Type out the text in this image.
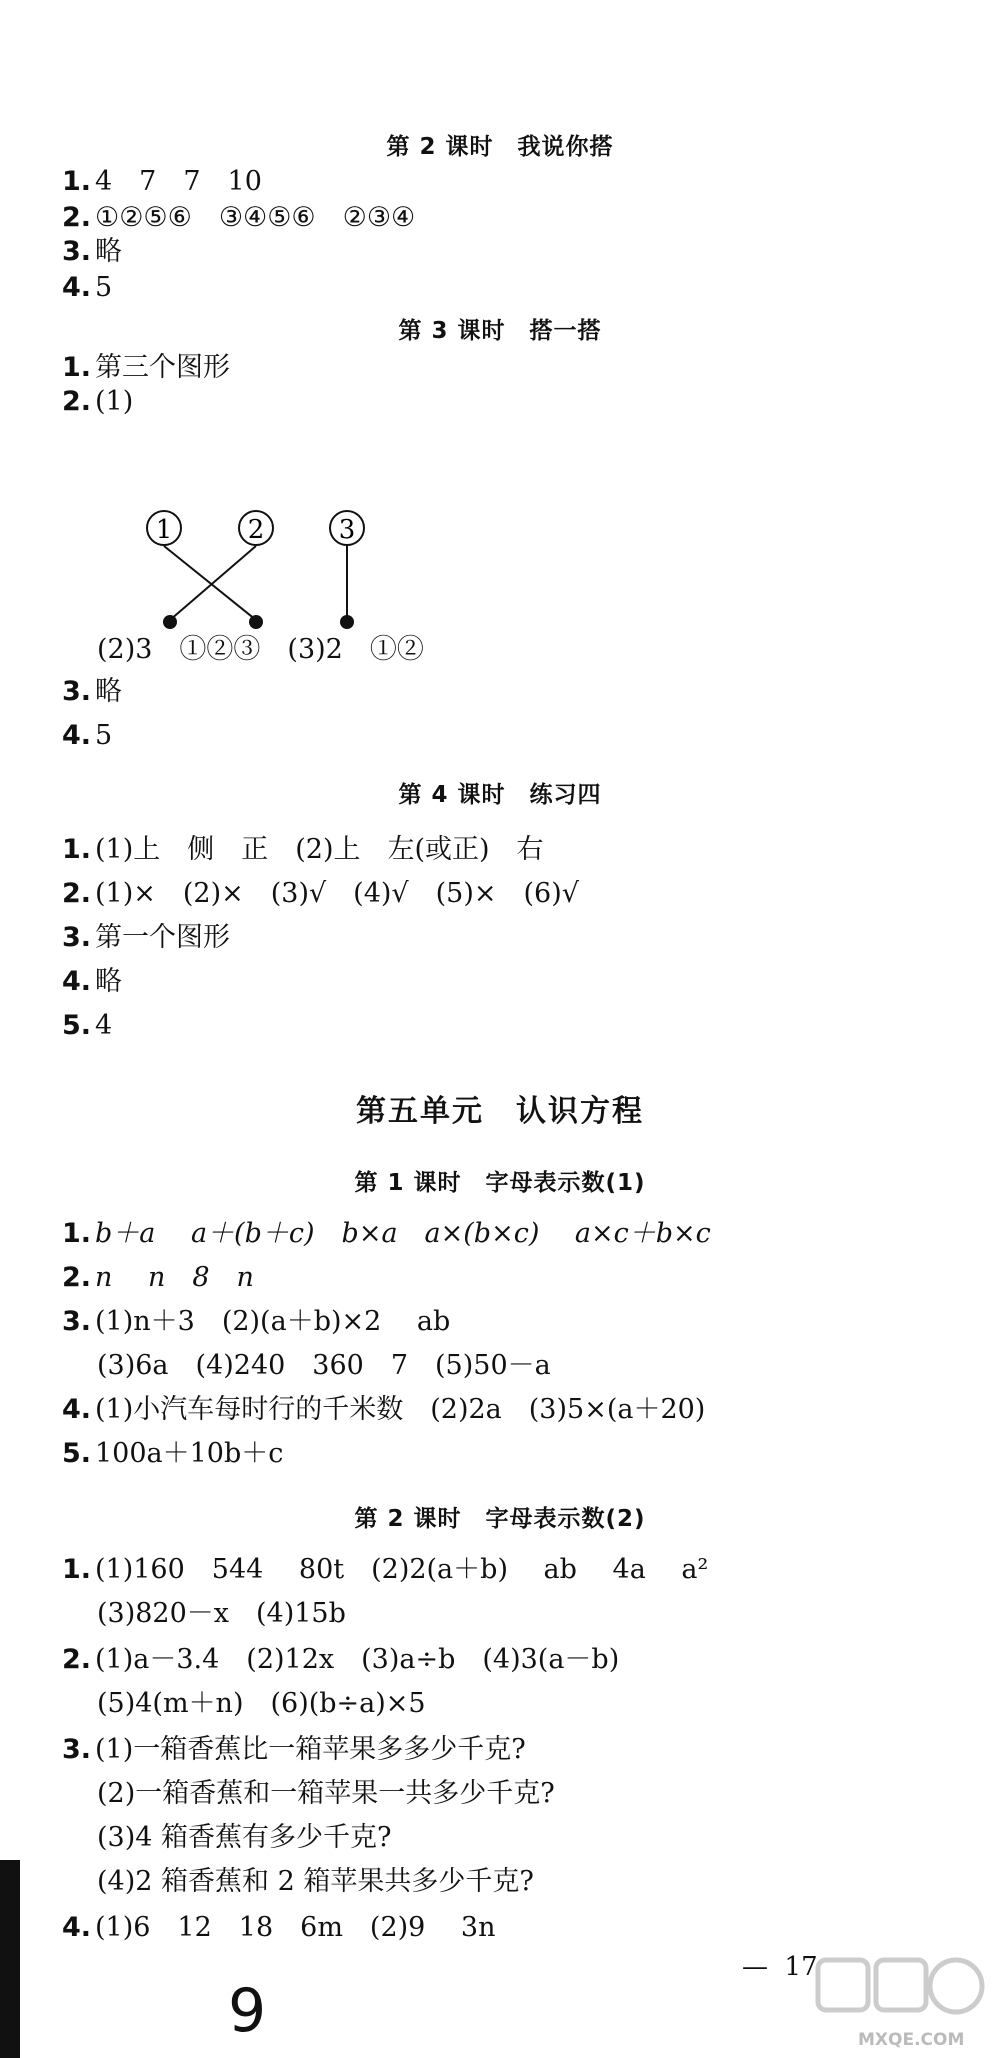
第 2 课时　我说你搭
1. 4　7　7　10
2. ①②⑤⑥　③④⑤⑥　②③④
3. 略
4. 5
第 3 课时　搭一搭
1. 第三个图形
2. (1)
1	2	3
(2)3　①②③　(3)2　①②
3. 略
4. 5
第 4 课时　练习四
1. (1)上　侧　正　(2)上　左(或正)　右
2. (1)×　(2)×　(3)√　(4)√　(5)×　(6)√
3. 第一个图形
4. 略
5. 4
第五单元　认识方程
第 1 课时　字母表示数(1)
1. b＋a　 a＋(b＋c)　b×a　a×(b×c)　 a×c＋b×c
2. n　 n　8　n
3. (1)n＋3　(2)(a＋b)×2　 ab
(3)6a　(4)240　360　7　(5)50－a
4. (1)小汽车每时行的千米数　(2)2a　(3)5×(a＋20)
5. 100a＋10b＋c
第 2 课时　字母表示数(2)
1. (1)160　544　 80t　(2)2(a＋b)　 ab　 4a　 a²
(3)820－x　(4)15b
2. (1)a－3.4　(2)12x　(3)a÷b　(4)3(a－b)
(5)4(m＋n)　(6)(b÷a)×5
3. (1)一箱香蕉比一箱苹果多多少千克?
(2)一箱香蕉和一箱苹果一共多少千克?
(3)4 箱香蕉有多少千克?
(4)2 箱香蕉和 2 箱苹果共多少千克?
4. (1)6　12　18　6m　(2)9　 3n
9
—  17
MXQE.COM
